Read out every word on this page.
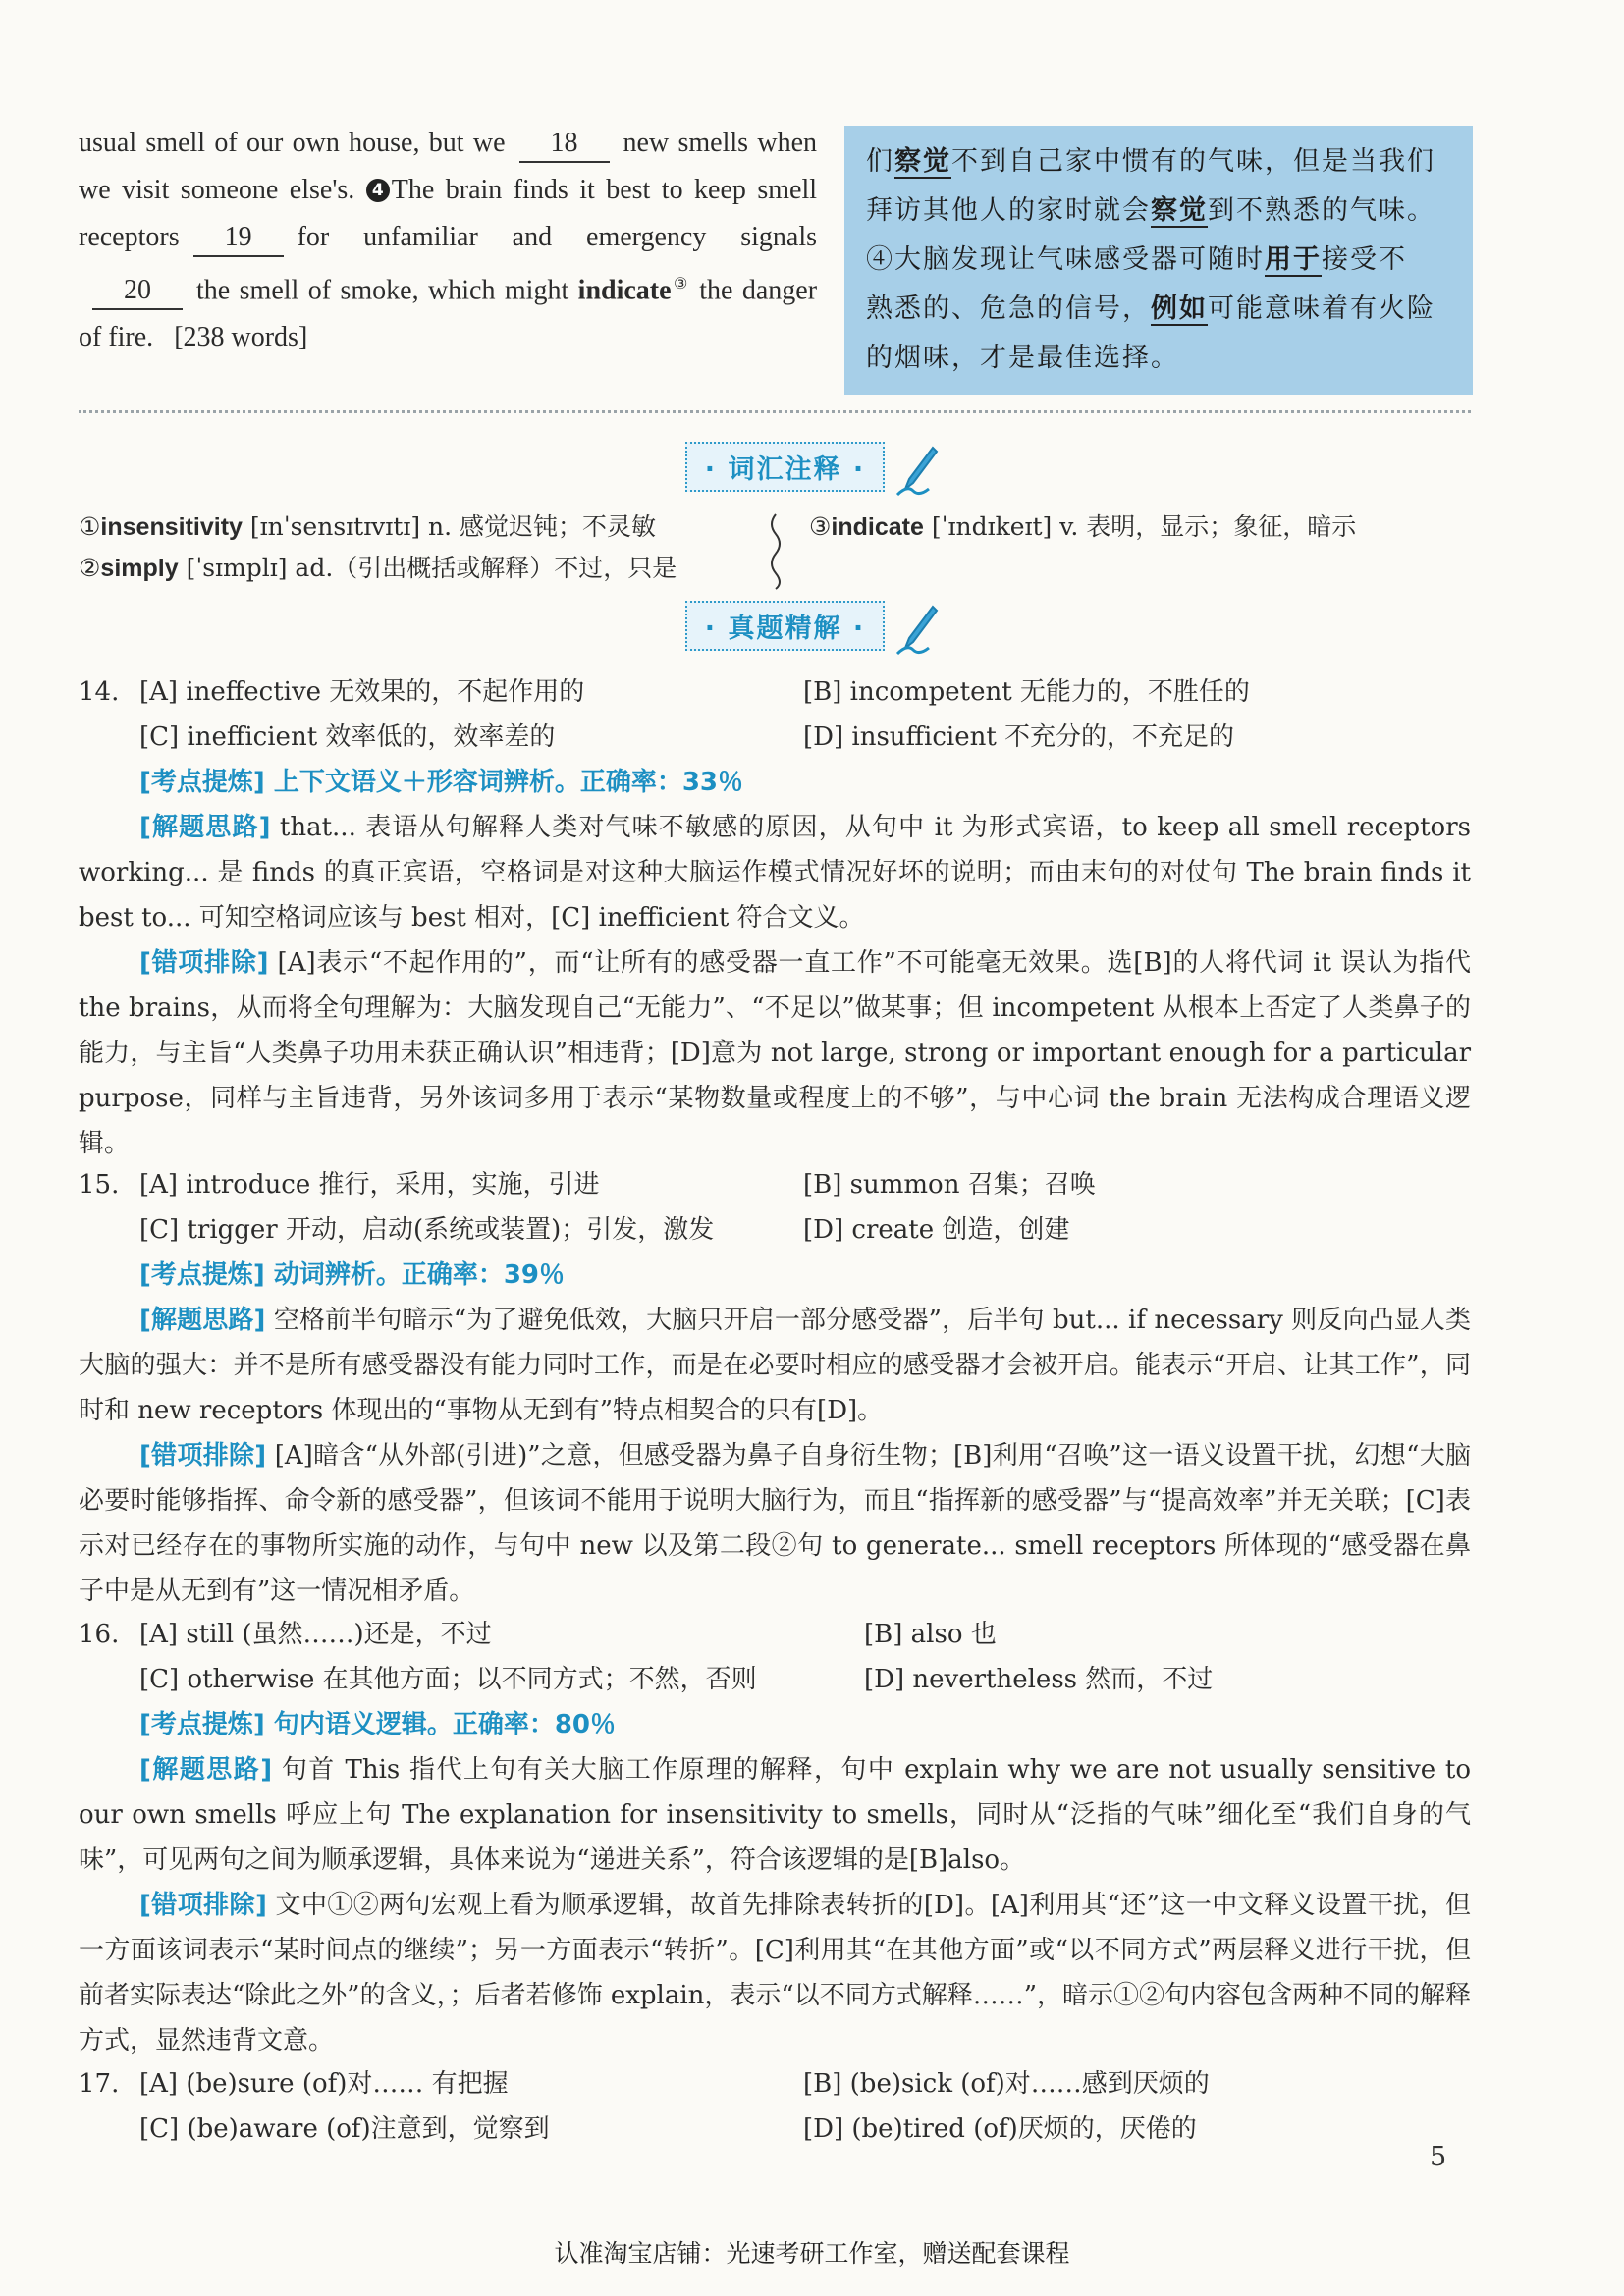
usual smell of our own house, but we 18 new smells when we visit someone else's. 4 The brain finds it best to keep smell receptors 19 for unfamiliar and emergency signals20 the smell of smoke, which might indicate③ the danger of fire. [238 words]
们察觉不到自己家中惯有的气味，但是当我们
拜访其他人的家时就会察觉到不熟悉的气味。
④大脑发现让气味感受器可随时用于接受不
熟悉的、危急的信号，例如可能意味着有火险
的烟味，才是最佳选择。
· 词汇注释 ·
①insensitivity [ɪnˈsensɪtɪvɪtɪ] n. 感觉迟钝；不灵敏
②simply [ˈsɪmplɪ] ad.（引出概括或解释）不过，只是
③indicate [ˈɪndɪkeɪt] v. 表明，显示；象征，暗示
· 真题精解 ·
14. [A] ineffective 无效果的，不起作用的	[B] incompetent 无能力的，不胜任的
[C] inefficient 效率低的，效率差的	[D] insufficient 不充分的，不充足的
[考点提炼] 上下文语义＋形容词辨析。正确率：33％
[解题思路] that... 表语从句解释人类对气味不敏感的原因，从句中 it 为形式宾语，to keep all smell receptors working... 是 finds 的真正宾语，空格词是对这种大脑运作模式情况好坏的说明；而由末句的对仗句 The brain finds it best to... 可知空格词应该与 best 相对，[C] inefficient 符合文义。
[错项排除] [A]表示“不起作用的”，而“让所有的感受器一直工作”不可能毫无效果。选[B]的人将代词 it 误认为指代 the brains，从而将全句理解为：大脑发现自己“无能力”、“不足以”做某事；但 incompetent 从根本上否定了人类鼻子的能力，与主旨“人类鼻子功用未获正确认识”相违背；[D]意为 not large, strong or important enough for a particular purpose，同样与主旨违背，另外该词多用于表示“某物数量或程度上的不够”，与中心词 the brain 无法构成合理语义逻辑。
15. [A] introduce 推行，采用，实施，引进	[B] summon 召集；召唤
[C] trigger 开动，启动(系统或装置)；引发，激发	[D] create 创造，创建
[考点提炼] 动词辨析。正确率：39％
[解题思路] 空格前半句暗示“为了避免低效，大脑只开启一部分感受器”，后半句 but... if necessary 则反向凸显人类大脑的强大：并不是所有感受器没有能力同时工作，而是在必要时相应的感受器才会被开启。能表示“开启、让其工作”，同时和 new receptors 体现出的“事物从无到有”特点相契合的只有[D]。
[错项排除] [A]暗含“从外部(引进)”之意，但感受器为鼻子自身衍生物；[B]利用“召唤”这一语义设置干扰，幻想“大脑必要时能够指挥、命令新的感受器”，但该词不能用于说明大脑行为，而且“指挥新的感受器”与“提高效率”并无关联；[C]表示对已经存在的事物所实施的动作，与句中 new 以及第二段②句 to generate... smell receptors 所体现的“感受器在鼻子中是从无到有”这一情况相矛盾。
16. [A] still (虽然……)还是，不过	[B] also 也
[C] otherwise 在其他方面；以不同方式；不然，否则	[D] nevertheless 然而，不过
[考点提炼] 句内语义逻辑。正确率：80％
[解题思路] 句首 This 指代上句有关大脑工作原理的解释，句中 explain why we are not usually sensitive to our own smells 呼应上句 The explanation for insensitivity to smells，同时从“泛指的气味”细化至“我们自身的气味”，可见两句之间为顺承逻辑，具体来说为“递进关系”，符合该逻辑的是[B]also。
[错项排除] 文中①②两句宏观上看为顺承逻辑，故首先排除表转折的[D]。[A]利用其“还”这一中文释义设置干扰，但一方面该词表示“某时间点的继续”；另一方面表示“转折”。[C]利用其“在其他方面”或“以不同方式”两层释义进行干扰，但前者实际表达“除此之外”的含义，；后者若修饰 explain，表示“以不同方式解释……”，暗示①②句内容包含两种不同的解释方式，显然违背文意。
17. [A] (be)sure (of)对…… 有把握	[B] (be)sick (of)对……感到厌烦的
[C] (be)aware (of)注意到，觉察到	[D] (be)tired (of)厌烦的，厌倦的
5
认准淘宝店铺：光速考研工作室，赠送配套课程
